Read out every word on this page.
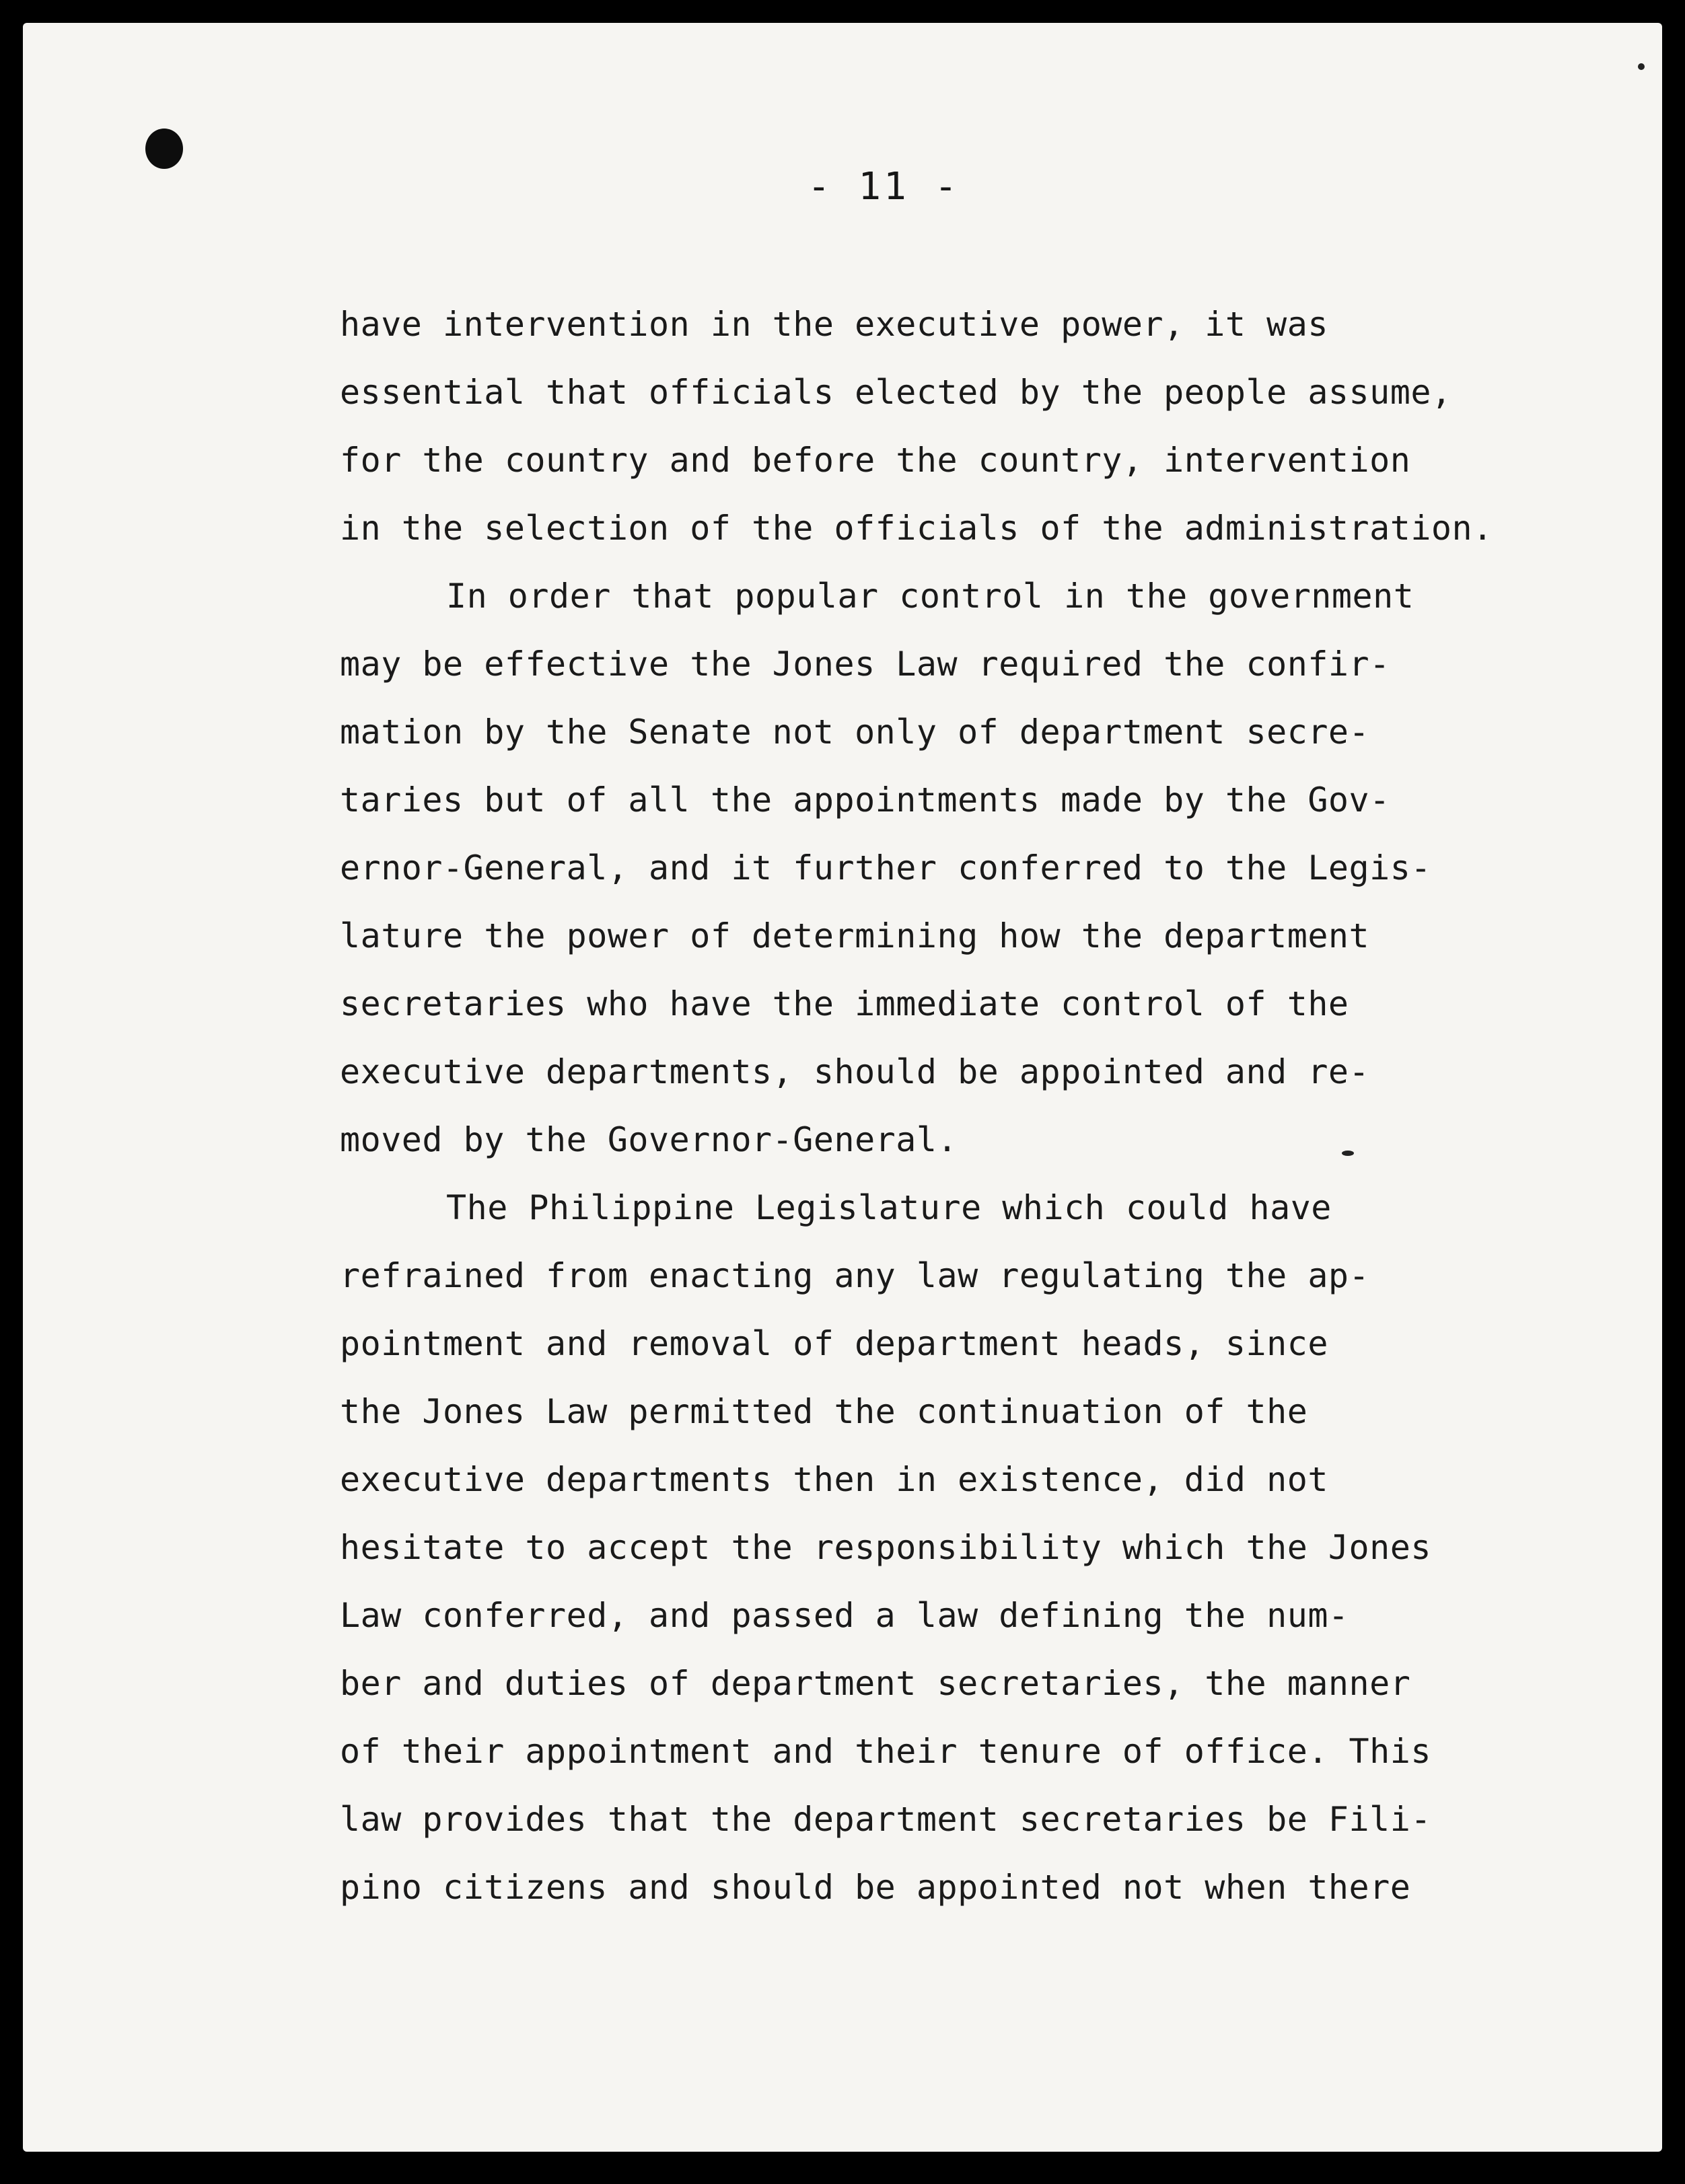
- 11 -
have intervention in the executive power, it was
essential that officials elected by the people assume,
for the country and before the country, intervention
in the selection of the officials of the administration.
In order that popular control in the government
may be effective the Jones Law required the confir-
mation by the Senate not only of department secre-
taries but of all the appointments made by the Gov-
ernor-General, and it further conferred to the Legis-
lature the power of determining how the department
secretaries who have the immediate control of the
executive departments, should be appointed and re-
moved by the Governor-General.
The Philippine Legislature which could have
refrained from enacting any law regulating the ap-
pointment and removal of department heads, since
the Jones Law permitted the continuation of the
executive departments then in existence, did not
hesitate to accept the responsibility which the Jones
Law conferred, and passed a law defining the num-
ber and duties of department secretaries, the manner
of their appointment and their tenure of office. This
law provides that the department secretaries be Fili-
pino citizens and should be appointed not when there
